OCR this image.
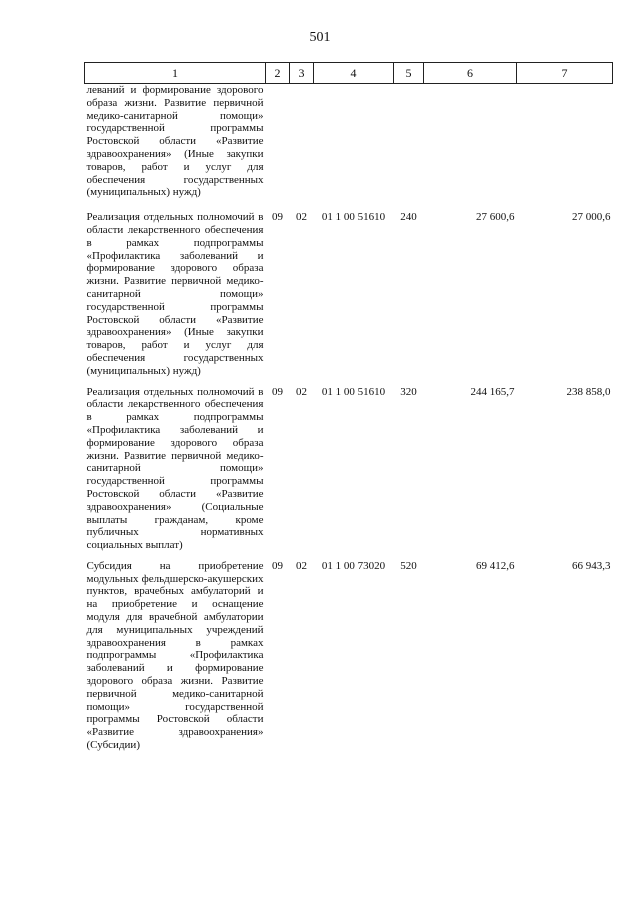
501
1	2	3	4	5	6	7
леваний и формирование здорового образа жизни. Развитие первичной медико-санитарной помощи» государственной программы Ростовской области «Развитие здравоохранения» (Иные закупки товаров, работ и услуг для обеспечения государственных (муниципальных) нужд)						
Реализация отдельных полномочий в области лекарственного обеспечения в рамках подпрограммы «Профилактика заболеваний и формирование здорового образа жизни. Развитие первичной медико-санитарной помощи» государственной программы Ростовской области «Развитие здравоохранения» (Иные закупки товаров, работ и услуг для обеспечения государственных (муниципальных) нужд)	09	02	01 1 00 51610	240	27 600,6	27 000,6
Реализация отдельных полномочий в области лекарственного обеспечения в рамках подпрограммы «Профилактика заболеваний и формирование здорового образа жизни. Развитие первичной медико-санитарной помощи» государственной программы Ростовской области «Развитие здравоохранения» (Социальные выплаты гражданам, кроме публичных нормативных социальных выплат)	09	02	01 1 00 51610	320	244 165,7	238 858,0
Субсидия на приобретение модульных фельдшерско-акушерских пунктов, врачебных амбулаторий и на приобретение и оснащение модуля для врачебной амбулатории для муниципальных учреждений здравоохранения в рамках подпрограммы «Профилактика заболеваний и формирование здорового образа жизни. Развитие первичной медико-санитарной помощи» государственной программы Ростовской области «Развитие здравоохранения» (Субсидии)	09	02	01 1 00 73020	520	69 412,6	66 943,3
